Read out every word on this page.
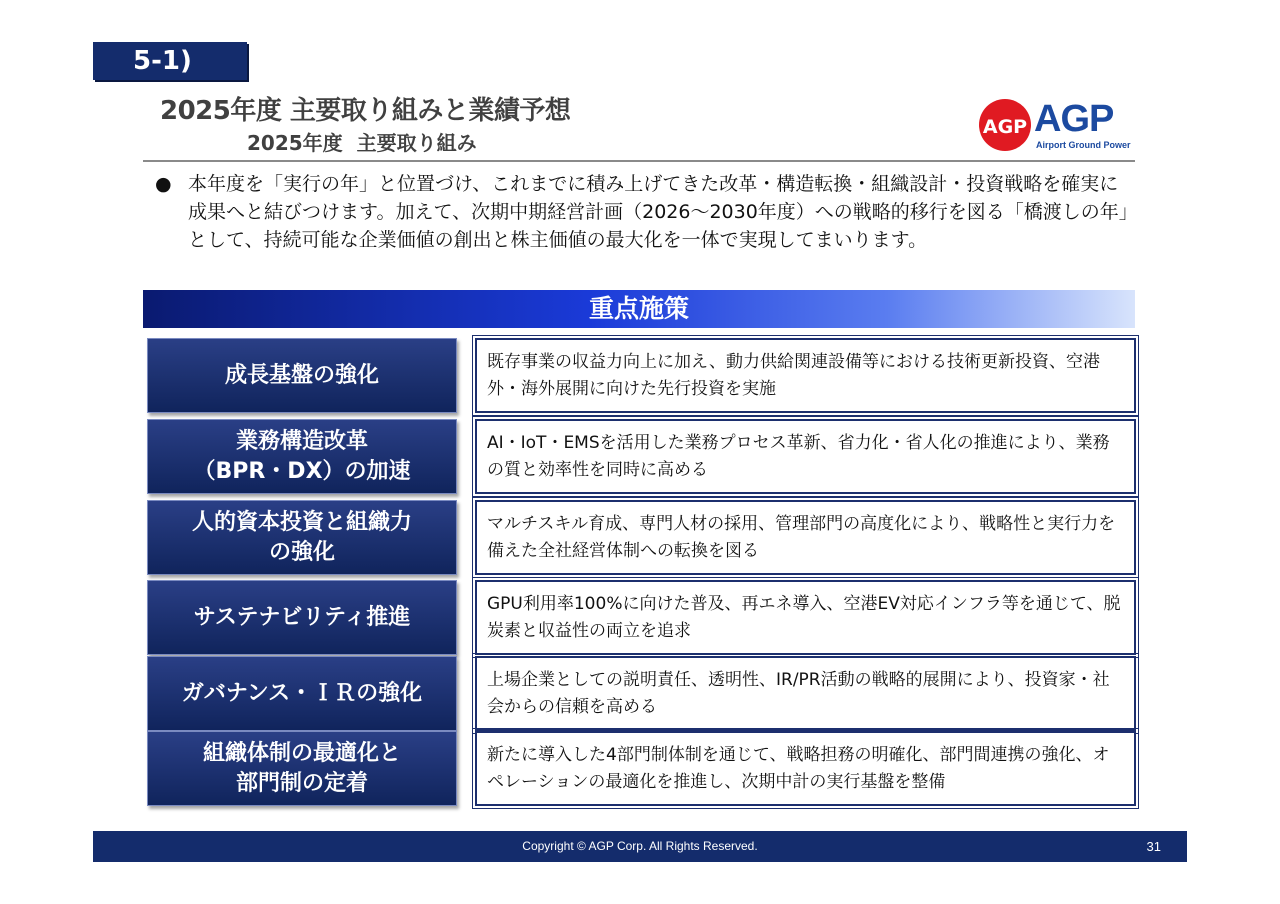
5-1)
2025年度 主要取り組みと業績予想
2025年度 主要取り組み
AGP AGP
Airport Ground Power
● 本年度を「実行の年」と位置づけ、これまでに積み上げてきた改革・構造転換・組織設計・投資戦略を確実に成果へと結びつけます。加えて、次期中期経営計画（2026～2030年度）への戦略的移行を図る「橋渡しの年」として、持続可能な企業価値の創出と株主価値の最大化を一体で実現してまいります。
重点施策
成長基盤の強化
既存事業の収益力向上に加え、動力供給関連設備等における技術更新投資、空港外・海外展開に向けた先行投資を実施
業務構造改革
（BPR・DX）の加速
AI・IoT・EMSを活用した業務プロセス革新、省力化・省人化の推進により、業務の質と効率性を同時に高める
人的資本投資と組織力
の強化
マルチスキル育成、専門人材の採用、管理部門の高度化により、戦略性と実行力を備えた全社経営体制への転換を図る
サステナビリティ推進
GPU利用率100%に向けた普及、再エネ導入、空港EV対応インフラ等を通じて、脱炭素と収益性の両立を追求
ガバナンス・ＩＲの強化
上場企業としての説明責任、透明性、IR/PR活動の戦略的展開により、投資家・社会からの信頼を高める
組織体制の最適化と
部門制の定着
新たに導入した4部門制体制を通じて、戦略担務の明確化、部門間連携の強化、オペレーションの最適化を推進し、次期中計の実行基盤を整備
Copyright © AGP Corp. All Rights Reserved.	31
